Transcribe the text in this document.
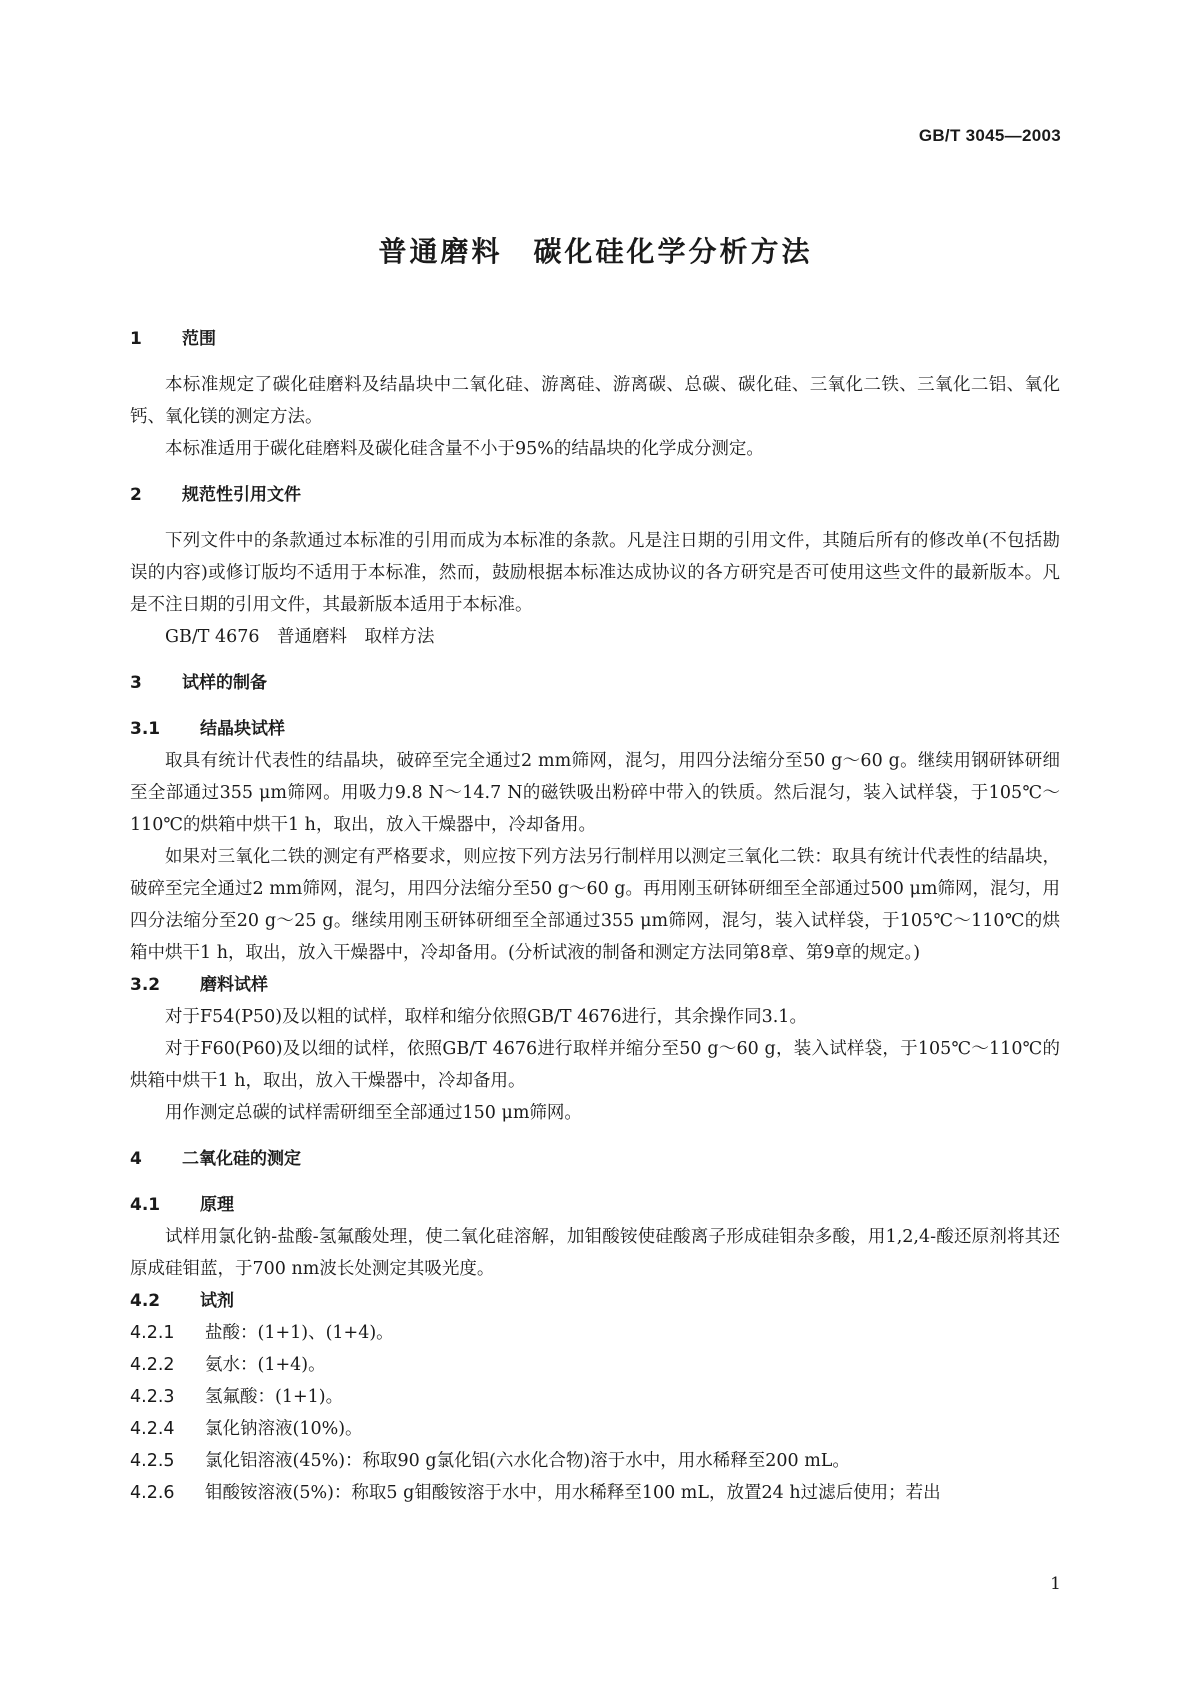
GB/T 3045—2003
普通磨料　碳化硅化学分析方法
1 范围

本标准规定了碳化硅磨料及结晶块中二氧化硅、游离硅、游离碳、总碳、碳化硅、三氧化二铁、三氧化二铝、氧化钙、氧化镁的测定方法。

本标准适用于碳化硅磨料及碳化硅含量不小于95%的结晶块的化学成分测定。

2 规范性引用文件

下列文件中的条款通过本标准的引用而成为本标准的条款。凡是注日期的引用文件，其随后所有的修改单(不包括勘误的内容)或修订版均不适用于本标准，然而，鼓励根据本标准达成协议的各方研究是否可使用这些文件的最新版本。凡是不注日期的引用文件，其最新版本适用于本标准。

GB/T 4676　普通磨料　取样方法
3 试样的制备
3.1 结晶块试样

取具有统计代表性的结晶块，破碎至完全通过2 mm筛网，混匀，用四分法缩分至50 g～60 g。继续用钢研钵研细至全部通过355 μm筛网。用吸力9.8 N～14.7 N的磁铁吸出粉碎中带入的铁质。然后混匀，装入试样袋，于105℃～110℃的烘箱中烘干1 h，取出，放入干燥器中，冷却备用。

如果对三氧化二铁的测定有严格要求，则应按下列方法另行制样用以测定三氧化二铁：取具有统计代表性的结晶块，破碎至完全通过2 mm筛网，混匀，用四分法缩分至50 g～60 g。再用刚玉研钵研细至全部通过500 μm筛网，混匀，用四分法缩分至20 g～25 g。继续用刚玉研钵研细至全部通过355 μm筛网，混匀，装入试样袋，于105℃～110℃的烘箱中烘干1 h，取出，放入干燥器中，冷却备用。(分析试液的制备和测定方法同第8章、第9章的规定。)

3.2 磨料试样

对于F54(P50)及以粗的试样，取样和缩分依照GB/T 4676进行，其余操作同3.1。

对于F60(P60)及以细的试样，依照GB/T 4676进行取样并缩分至50 g～60 g，装入试样袋，于105℃～110℃的烘箱中烘干1 h，取出，放入干燥器中，冷却备用。

用作测定总碳的试样需研细至全部通过150 μm筛网。

4 二氧化硅的测定
4.1 原理

试样用氯化钠-盐酸-氢氟酸处理，使二氧化硅溶解，加钼酸铵使硅酸离子形成硅钼杂多酸，用1,2,4-酸还原剂将其还原成硅钼蓝，于700 nm波长处测定其吸光度。

4.2 试剂
4.2.1 盐酸：(1+1)、(1+4)。
4.2.2 氨水：(1+4)。
4.2.3 氢氟酸：(1+1)。
4.2.4 氯化钠溶液(10%)。
4.2.5 氯化铝溶液(45%)：称取90 g氯化铝(六水化合物)溶于水中，用水稀释至200 mL。
4.2.6 钼酸铵溶液(5%)：称取5 g钼酸铵溶于水中，用水稀释至100 mL，放置24 h过滤后使用；若出
1
